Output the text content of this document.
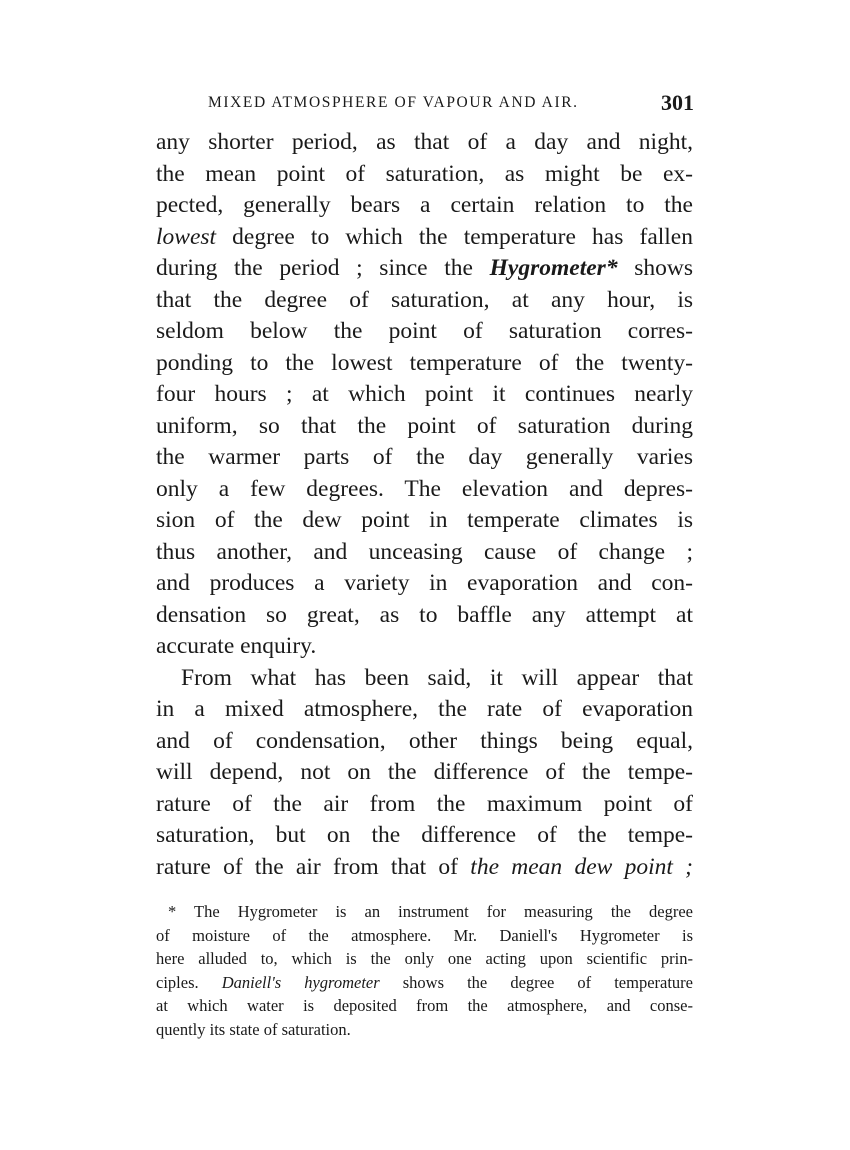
MIXED ATMOSPHERE OF VAPOUR AND AIR.	301
any shorter period, as that of a day and night,
the mean point of saturation, as might be ex-
pected, generally bears a certain relation to the
lowest degree to which the temperature has fallen
during the period ; since the Hygrometer* shows
that the degree of saturation, at any hour, is
seldom below the point of saturation corres-
ponding to the lowest temperature of the twenty-
four hours ; at which point it continues nearly
uniform, so that the point of saturation during
the warmer parts of the day generally varies
only a few degrees. The elevation and depres-
sion of the dew point in temperate climates is
thus another, and unceasing cause of change ;
and produces a variety in evaporation and con-
densation so great, as to baffle any attempt at
accurate enquiry.
From what has been said, it will appear that
in a mixed atmosphere, the rate of evaporation
and of condensation, other things being equal,
will depend, not on the difference of the tempe-
rature of the air from the maximum point of
saturation, but on the difference of the tempe-
rature of the air from that of the mean dew point ;
* The Hygrometer is an instrument for measuring the degree
of moisture of the atmosphere. Mr. Daniell's Hygrometer is
here alluded to, which is the only one acting upon scientific prin-
ciples. Daniell's hygrometer shows the degree of temperature
at which water is deposited from the atmosphere, and conse-
quently its state of saturation.
